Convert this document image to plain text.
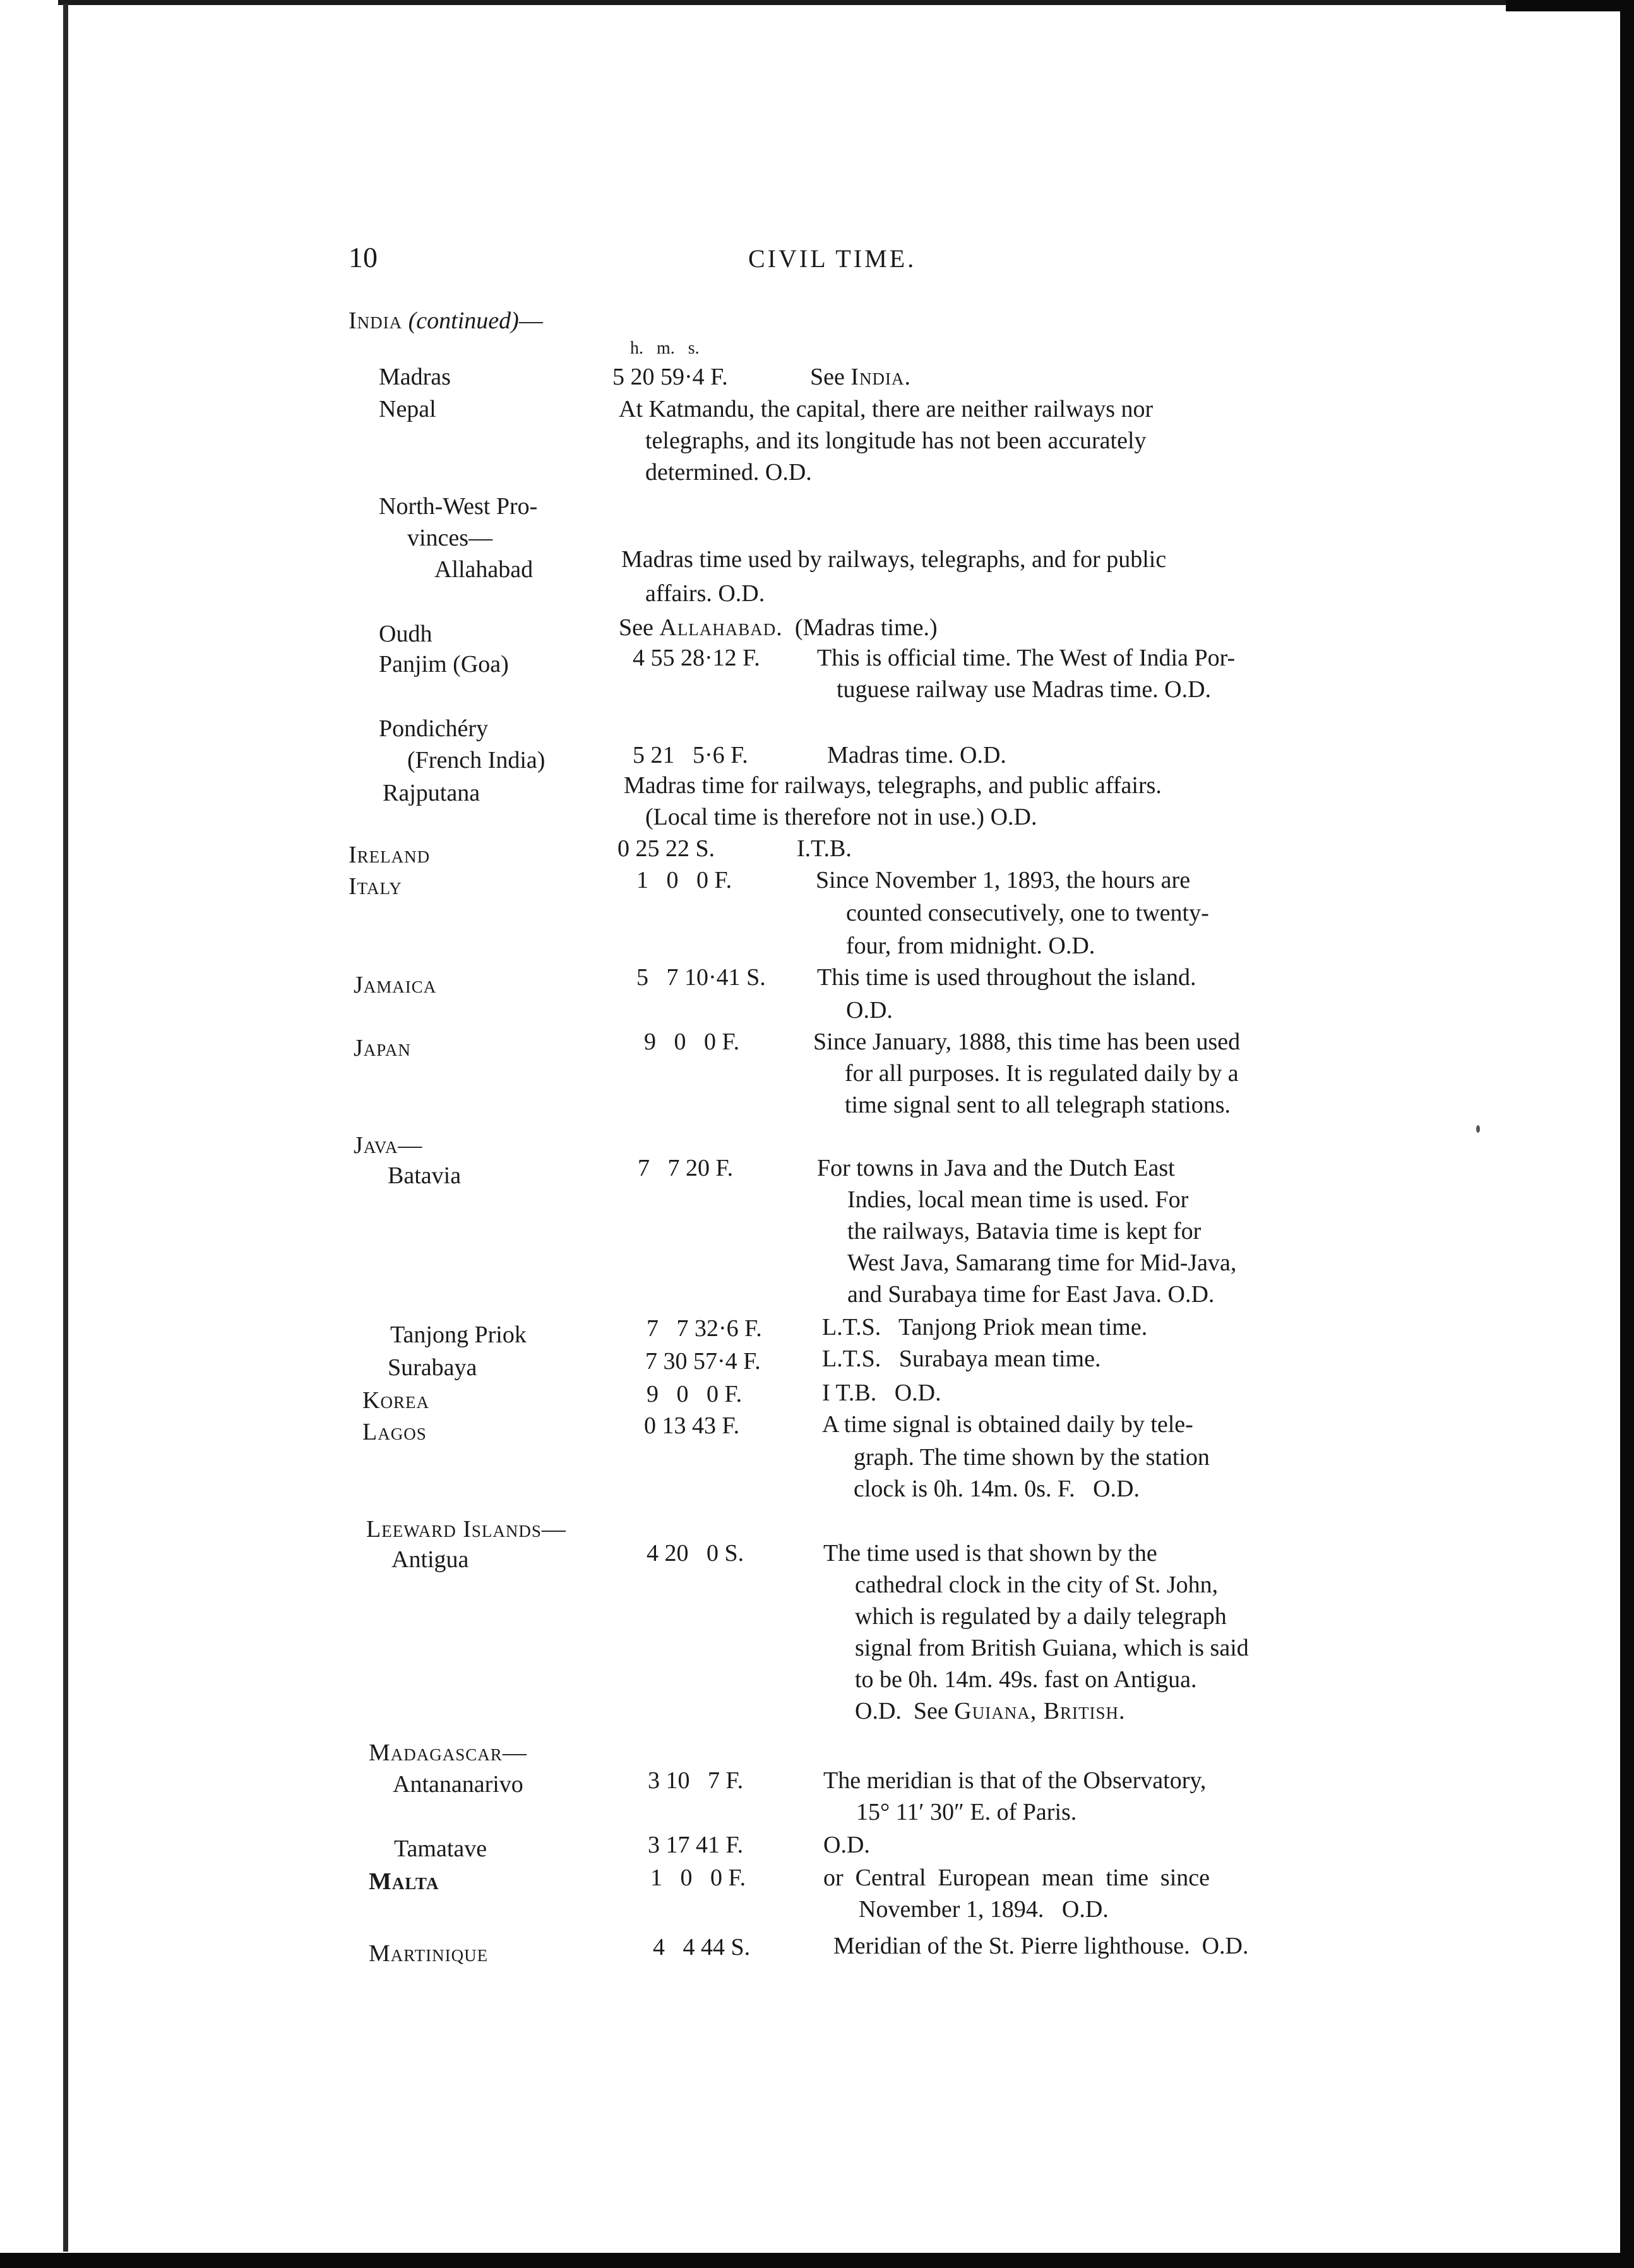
10	CIVIL TIME.
India (continued)—
h.   m.   s.
Madras	5 20 59·4 F.	See India.
Nepal	At Katmandu, the capital, there are neither railways nor
telegraphs, and its longitude has not been accurately
determined. O.D.
North-West Pro-
vinces—
Allahabad	Madras time used by railways, telegraphs, and for public
affairs. O.D.
Oudh	See Allahabad.  (Madras time.)
Panjim (Goa)	4 55 28·12 F. This is official time. The West of India Por-
tuguese railway use Madras time. O.D.
Pondichéry
(French India)	5 21   5·6 F.	Madras time. O.D.
Rajputana	Madras time for railways, telegraphs, and public affairs.
(Local time is therefore not in use.) O.D.
Ireland	0 25 22 S.	I.T.B.
Italy	1   0   0 F.	Since November 1, 1893, the hours are
counted consecutively, one to twenty-
four, from midnight. O.D.
Jamaica	5   7 10·41 S. This time is used throughout the island.
O.D.
Japan	9   0   0 F.	Since January, 1888, this time has been used
for all purposes. It is regulated daily by a
time signal sent to all telegraph stations.
Java—
Batavia	7   7 20 F.	For towns in Java and the Dutch East
Indies, local mean time is used. For
the railways, Batavia time is kept for
West Java, Samarang time for Mid-Java,
and Surabaya time for East Java. O.D.
Tanjong Priok	7   7 32·6 F.	L.T.S.   Tanjong Priok mean time.
Surabaya	7 30 57·4 F.	L.T.S.   Surabaya mean time.
Korea	9   0   0 F.	I T.B.   O.D.
Lagos	0 13 43 F.	A time signal is obtained daily by tele-
graph. The time shown by the station
clock is 0h. 14m. 0s. F.   O.D.
Leeward Islands—
Antigua	4 20   0 S.	The time used is that shown by the
cathedral clock in the city of St. John,
which is regulated by a daily telegraph
signal from British Guiana, which is said
to be 0h. 14m. 49s. fast on Antigua.
O.D.  See Guiana, British.
Madagascar—
Antananarivo	3 10   7 F.	The meridian is that of the Observatory,
15° 11′ 30″ E. of Paris.
Tamatave	3 17 41 F.	O.D.
Malta	1   0   0 F.	or  Central  European  mean  time  since
November 1, 1894.   O.D.
Martinique	4   4 44 S.	Meridian of the St. Pierre lighthouse.  O.D.
